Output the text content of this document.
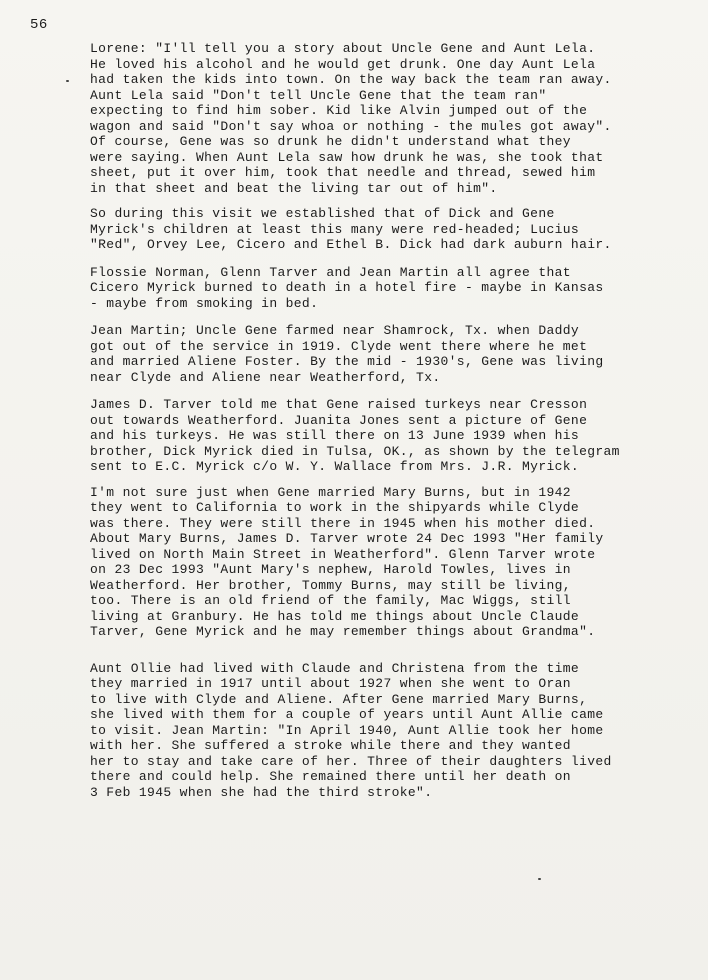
56
Lorene: "I'll tell you a story about Uncle Gene and Aunt Lela.
He loved his alcohol and he would get drunk. One day Aunt Lela
had taken the kids into town. On the way back the team ran away.
Aunt Lela said "Don't tell Uncle Gene that the team ran"
expecting to find him sober. Kid like Alvin jumped out of the
wagon and said "Don't say whoa or nothing - the mules got away".
Of course, Gene was so drunk he didn't understand what they
were saying. When Aunt Lela saw how drunk he was, she took that
sheet, put it over him, took that needle and thread, sewed him
in that sheet and beat the living tar out of him".
So during this visit we established that of Dick and Gene
Myrick's children at least this many were red-headed; Lucius
"Red", Orvey Lee, Cicero and Ethel B. Dick had dark auburn hair.
Flossie Norman, Glenn Tarver and Jean Martin all agree that
Cicero Myrick burned to death in a hotel fire - maybe in Kansas
- maybe from smoking in bed.
Jean Martin; Uncle Gene farmed near Shamrock, Tx. when Daddy
got out of the service in 1919. Clyde went there where he met
and married Aliene Foster. By the mid - 1930's, Gene was living
near Clyde and Aliene near Weatherford, Tx.
James D. Tarver told me that Gene raised turkeys near Cresson
out towards Weatherford. Juanita Jones sent a picture of Gene
and his turkeys. He was still there on 13 June 1939 when his
brother, Dick Myrick died in Tulsa, OK., as shown by the telegram
sent to E.C. Myrick c/o W. Y. Wallace from Mrs. J.R. Myrick.
I'm not sure just when Gene married Mary Burns, but in 1942
they went to California to work in the shipyards while Clyde
was there. They were still there in 1945 when his mother died.
About Mary Burns, James D. Tarver wrote 24 Dec 1993 "Her family
lived on North Main Street in Weatherford". Glenn Tarver wrote
on 23 Dec 1993 "Aunt Mary's nephew, Harold Towles, lives in
Weatherford. Her brother, Tommy Burns, may still be living,
too. There is an old friend of the family, Mac Wiggs, still
living at Granbury. He has told me things about Uncle Claude
Tarver, Gene Myrick and he may remember things about Grandma".
Aunt Ollie had lived with Claude and Christena from the time
they married in 1917 until about 1927 when she went to Oran
to live with Clyde and Aliene. After Gene married Mary Burns,
she lived with them for a couple of years until Aunt Allie came
to visit. Jean Martin: "In April 1940, Aunt Allie took her home
with her. She suffered a stroke while there and they wanted
her to stay and take care of her. Three of their daughters lived
there and could help. She remained there until her death on
3 Feb 1945 when she had the third stroke".
